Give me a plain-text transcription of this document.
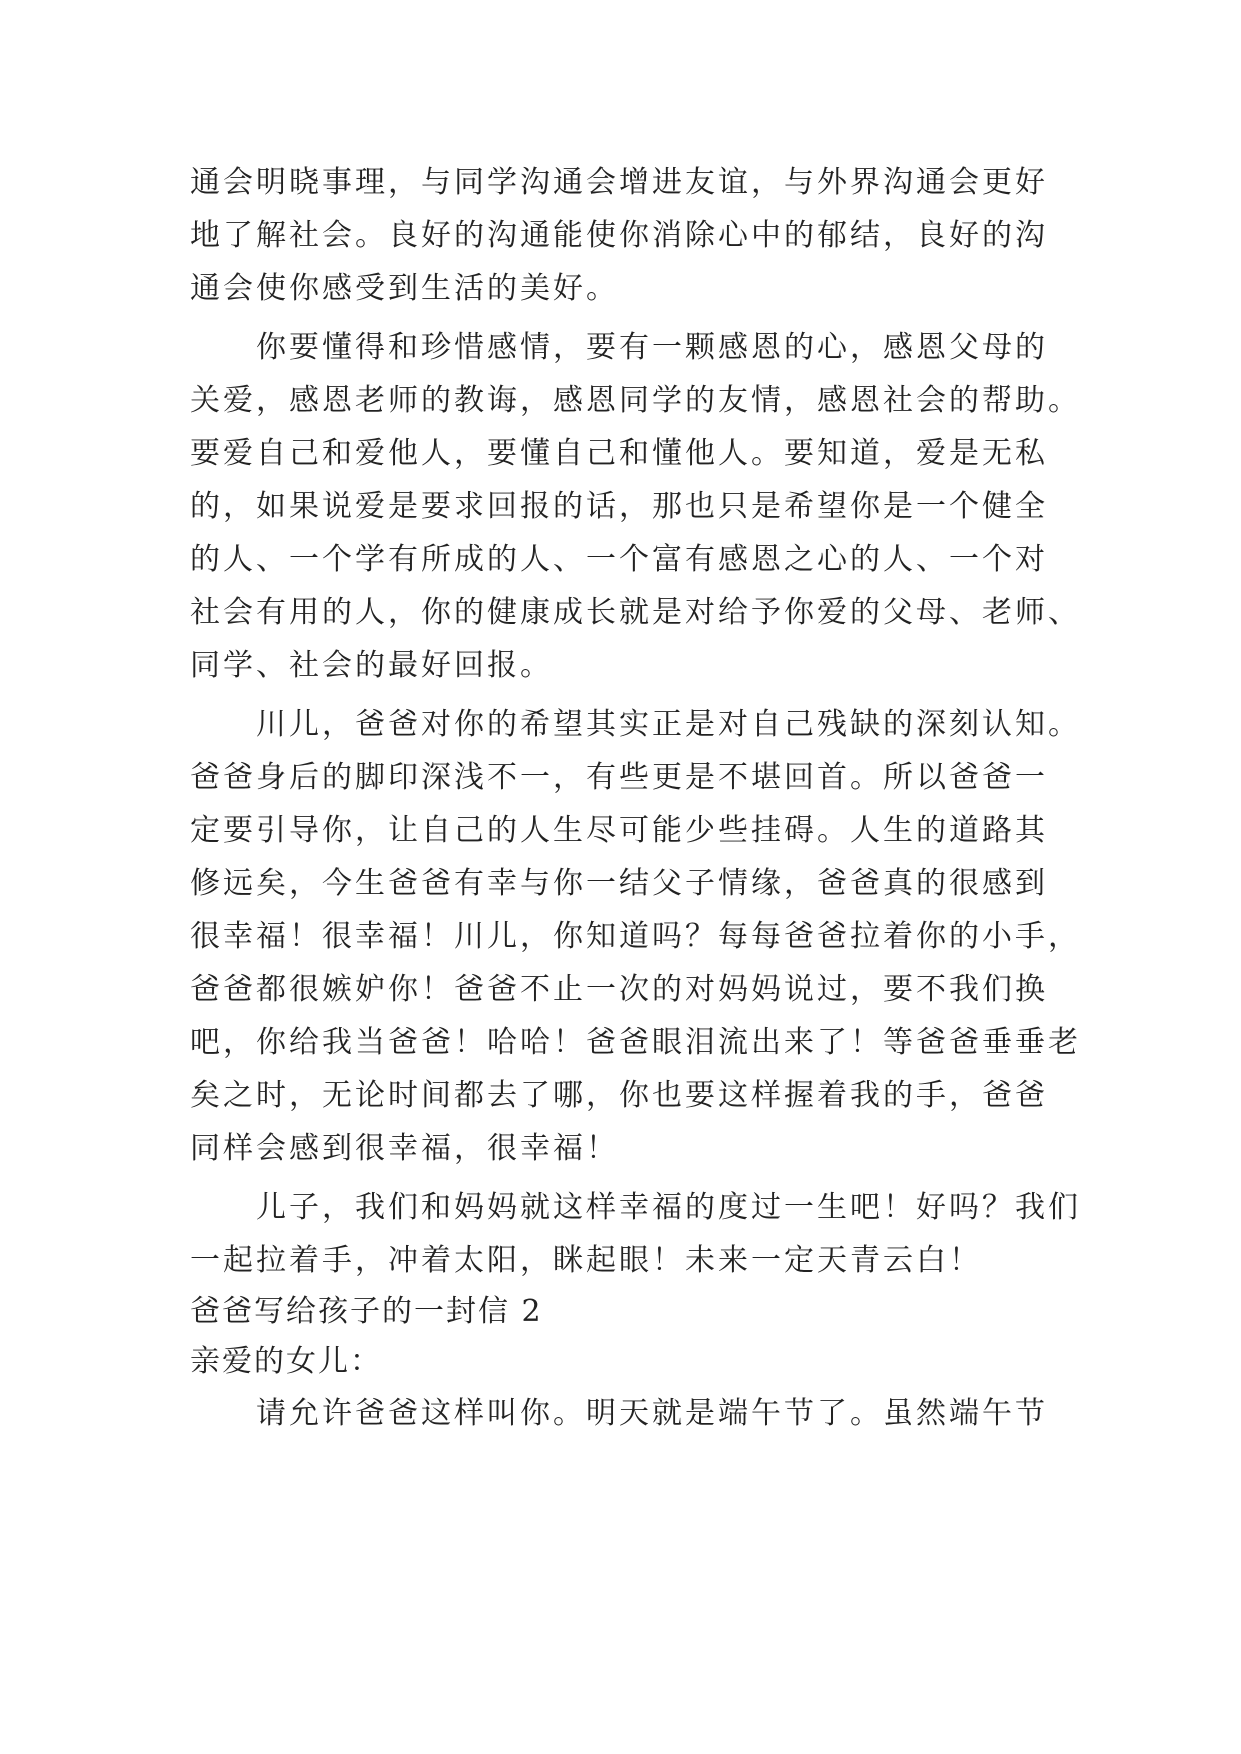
通会明晓事理，与同学沟通会增进友谊，与外界沟通会更好
地了解社会。良好的沟通能使你消除心中的郁结，良好的沟
通会使你感受到生活的美好。
　　你要懂得和珍惜感情，要有一颗感恩的心，感恩父母的
关爱，感恩老师的教诲，感恩同学的友情，感恩社会的帮助。
要爱自己和爱他人，要懂自己和懂他人。要知道，爱是无私
的，如果说爱是要求回报的话，那也只是希望你是一个健全
的人、一个学有所成的人、一个富有感恩之心的人、一个对
社会有用的人，你的健康成长就是对给予你爱的父母、老师、
同学、社会的最好回报。
　　川儿，爸爸对你的希望其实正是对自己残缺的深刻认知。
爸爸身后的脚印深浅不一，有些更是不堪回首。所以爸爸一
定要引导你，让自己的人生尽可能少些挂碍。人生的道路其
修远矣，今生爸爸有幸与你一结父子情缘，爸爸真的很感到
很幸福！很幸福！川儿，你知道吗？每每爸爸拉着你的小手，
爸爸都很嫉妒你！爸爸不止一次的对妈妈说过，要不我们换
吧，你给我当爸爸！哈哈！爸爸眼泪流出来了！等爸爸垂垂老
矣之时，无论时间都去了哪，你也要这样握着我的手，爸爸
同样会感到很幸福，很幸福！
　　儿子，我们和妈妈就这样幸福的度过一生吧！好吗？我们
一起拉着手，冲着太阳，眯起眼！未来一定天青云白！
爸爸写给孩子的一封信 2
亲爱的女儿：
　　请允许爸爸这样叫你。明天就是端午节了。虽然端午节
